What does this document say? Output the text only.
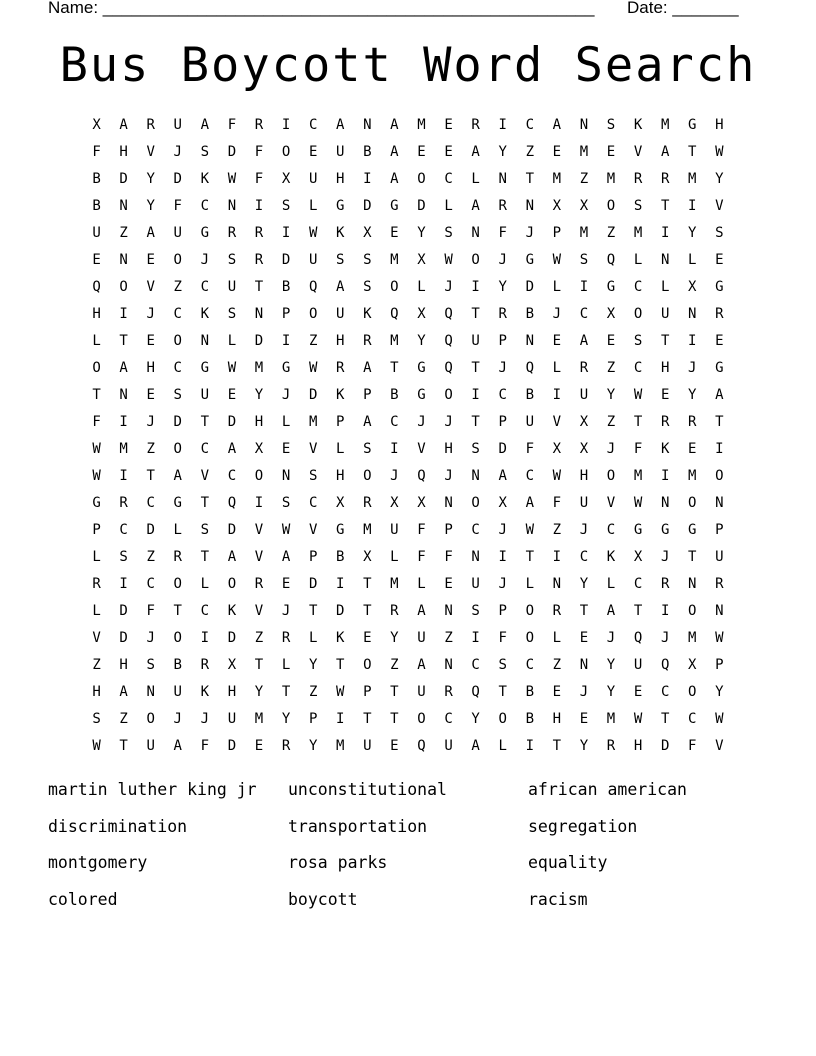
Name: ____________________________________________________ Date: _______
Bus Boycott Word Search
X	A	R	U	A	F	R	I	C	A	N	A	M	E	R	I	C	A	N	S	K	M	G	H
F	H	V	J	S	D	F	O	E	U	B	A	E	E	A	Y	Z	E	M	E	V	A	T	W
B	D	Y	D	K	W	F	X	U	H	I	A	O	C	L	N	T	M	Z	M	R	R	M	Y
B	N	Y	F	C	N	I	S	L	G	D	G	D	L	A	R	N	X	X	O	S	T	I	V
U	Z	A	U	G	R	R	I	W	K	X	E	Y	S	N	F	J	P	M	Z	M	I	Y	S
E	N	E	O	J	S	R	D	U	S	S	M	X	W	O	J	G	W	S	Q	L	N	L	E
Q	O	V	Z	C	U	T	B	Q	A	S	O	L	J	I	Y	D	L	I	G	C	L	X	G
H	I	J	C	K	S	N	P	O	U	K	Q	X	Q	T	R	B	J	C	X	O	U	N	R
L	T	E	O	N	L	D	I	Z	H	R	M	Y	Q	U	P	N	E	A	E	S	T	I	E
O	A	H	C	G	W	M	G	W	R	A	T	G	Q	T	J	Q	L	R	Z	C	H	J	G
T	N	E	S	U	E	Y	J	D	K	P	B	G	O	I	C	B	I	U	Y	W	E	Y	A
F	I	J	D	T	D	H	L	M	P	A	C	J	J	T	P	U	V	X	Z	T	R	R	T
W	M	Z	O	C	A	X	E	V	L	S	I	V	H	S	D	F	X	X	J	F	K	E	I
W	I	T	A	V	C	O	N	S	H	O	J	Q	J	N	A	C	W	H	O	M	I	M	O
G	R	C	G	T	Q	I	S	C	X	R	X	X	N	O	X	A	F	U	V	W	N	O	N
P	C	D	L	S	D	V	W	V	G	M	U	F	P	C	J	W	Z	J	C	G	G	G	P
L	S	Z	R	T	A	V	A	P	B	X	L	F	F	N	I	T	I	C	K	X	J	T	U
R	I	C	O	L	O	R	E	D	I	T	M	L	E	U	J	L	N	Y	L	C	R	N	R
L	D	F	T	C	K	V	J	T	D	T	R	A	N	S	P	O	R	T	A	T	I	O	N
V	D	J	O	I	D	Z	R	L	K	E	Y	U	Z	I	F	O	L	E	J	Q	J	M	W
Z	H	S	B	R	X	T	L	Y	T	O	Z	A	N	C	S	C	Z	N	Y	U	Q	X	P
H	A	N	U	K	H	Y	T	Z	W	P	T	U	R	Q	T	B	E	J	Y	E	C	O	Y
S	Z	O	J	J	U	M	Y	P	I	T	T	O	C	Y	O	B	H	E	M	W	T	C	W
W	T	U	A	F	D	E	R	Y	M	U	E	Q	U	A	L	I	T	Y	R	H	D	F	V
martin luther king jr	unconstitutional	african american
discrimination	transportation	segregation
montgomery	rosa parks	equality
colored	boycott	racism
